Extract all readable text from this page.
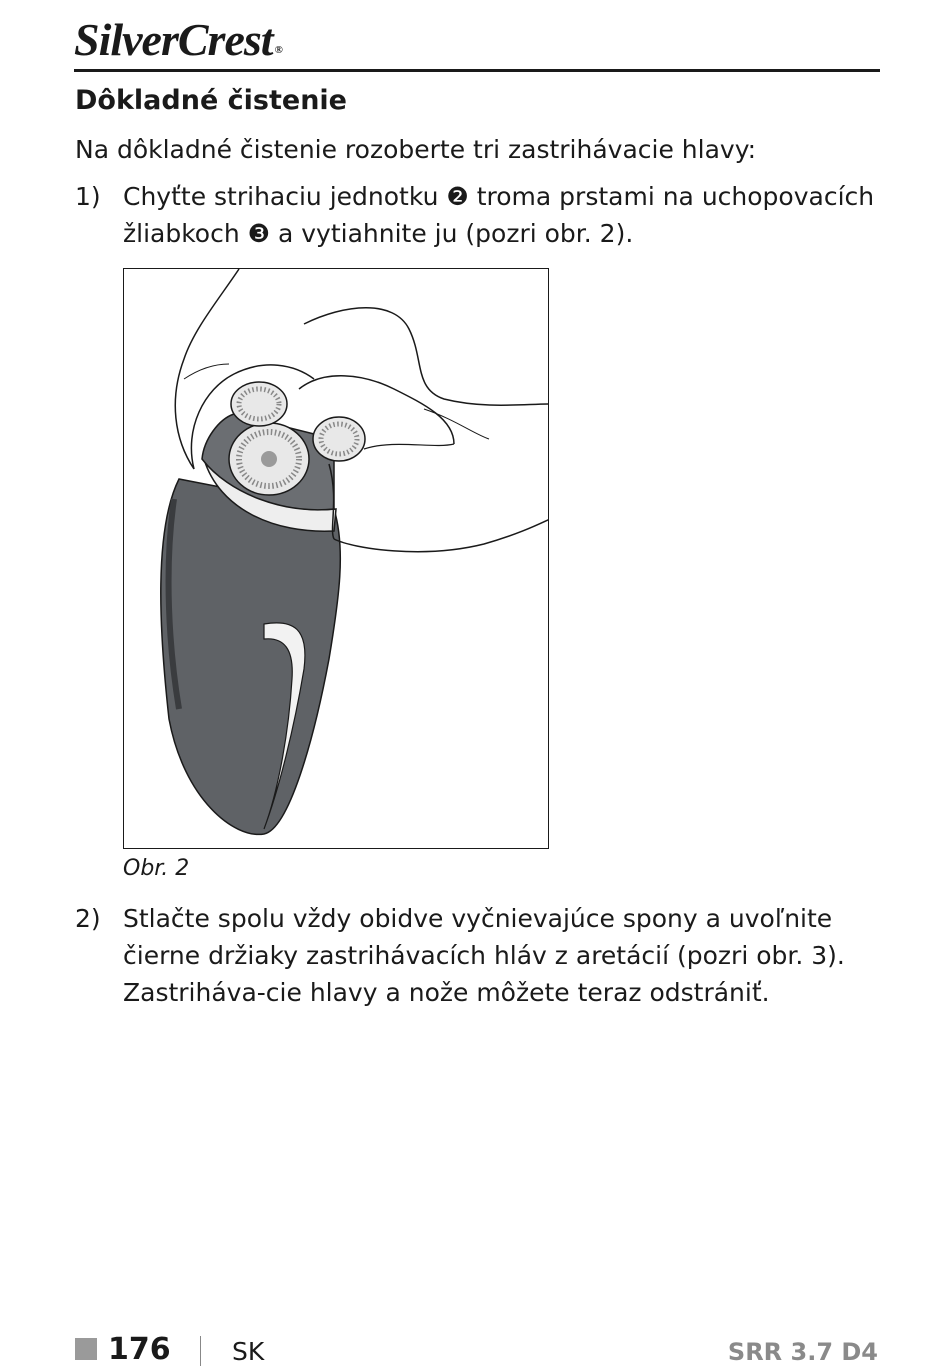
SilverCrest ®
Dôkladné čistenie
Na dôkladné čistenie rozoberte tri zastrihávacie hlavy:
1) Chyťte strihaciu jednotku ❷ troma prstami na uchopovacích žliabkoch ❸ a vytiahnite ju (pozri obr. 2).
Obr. 2
2) Stlačte spolu vždy obidve vyčnievajúce spony a uvoľnite čierne držiaky zastrihávacích hláv z aretácií (pozri obr. 3). Zastriháva-cie hlavy a nože môžete teraz odstrániť.
176 SK	SRR 3.7 D4
